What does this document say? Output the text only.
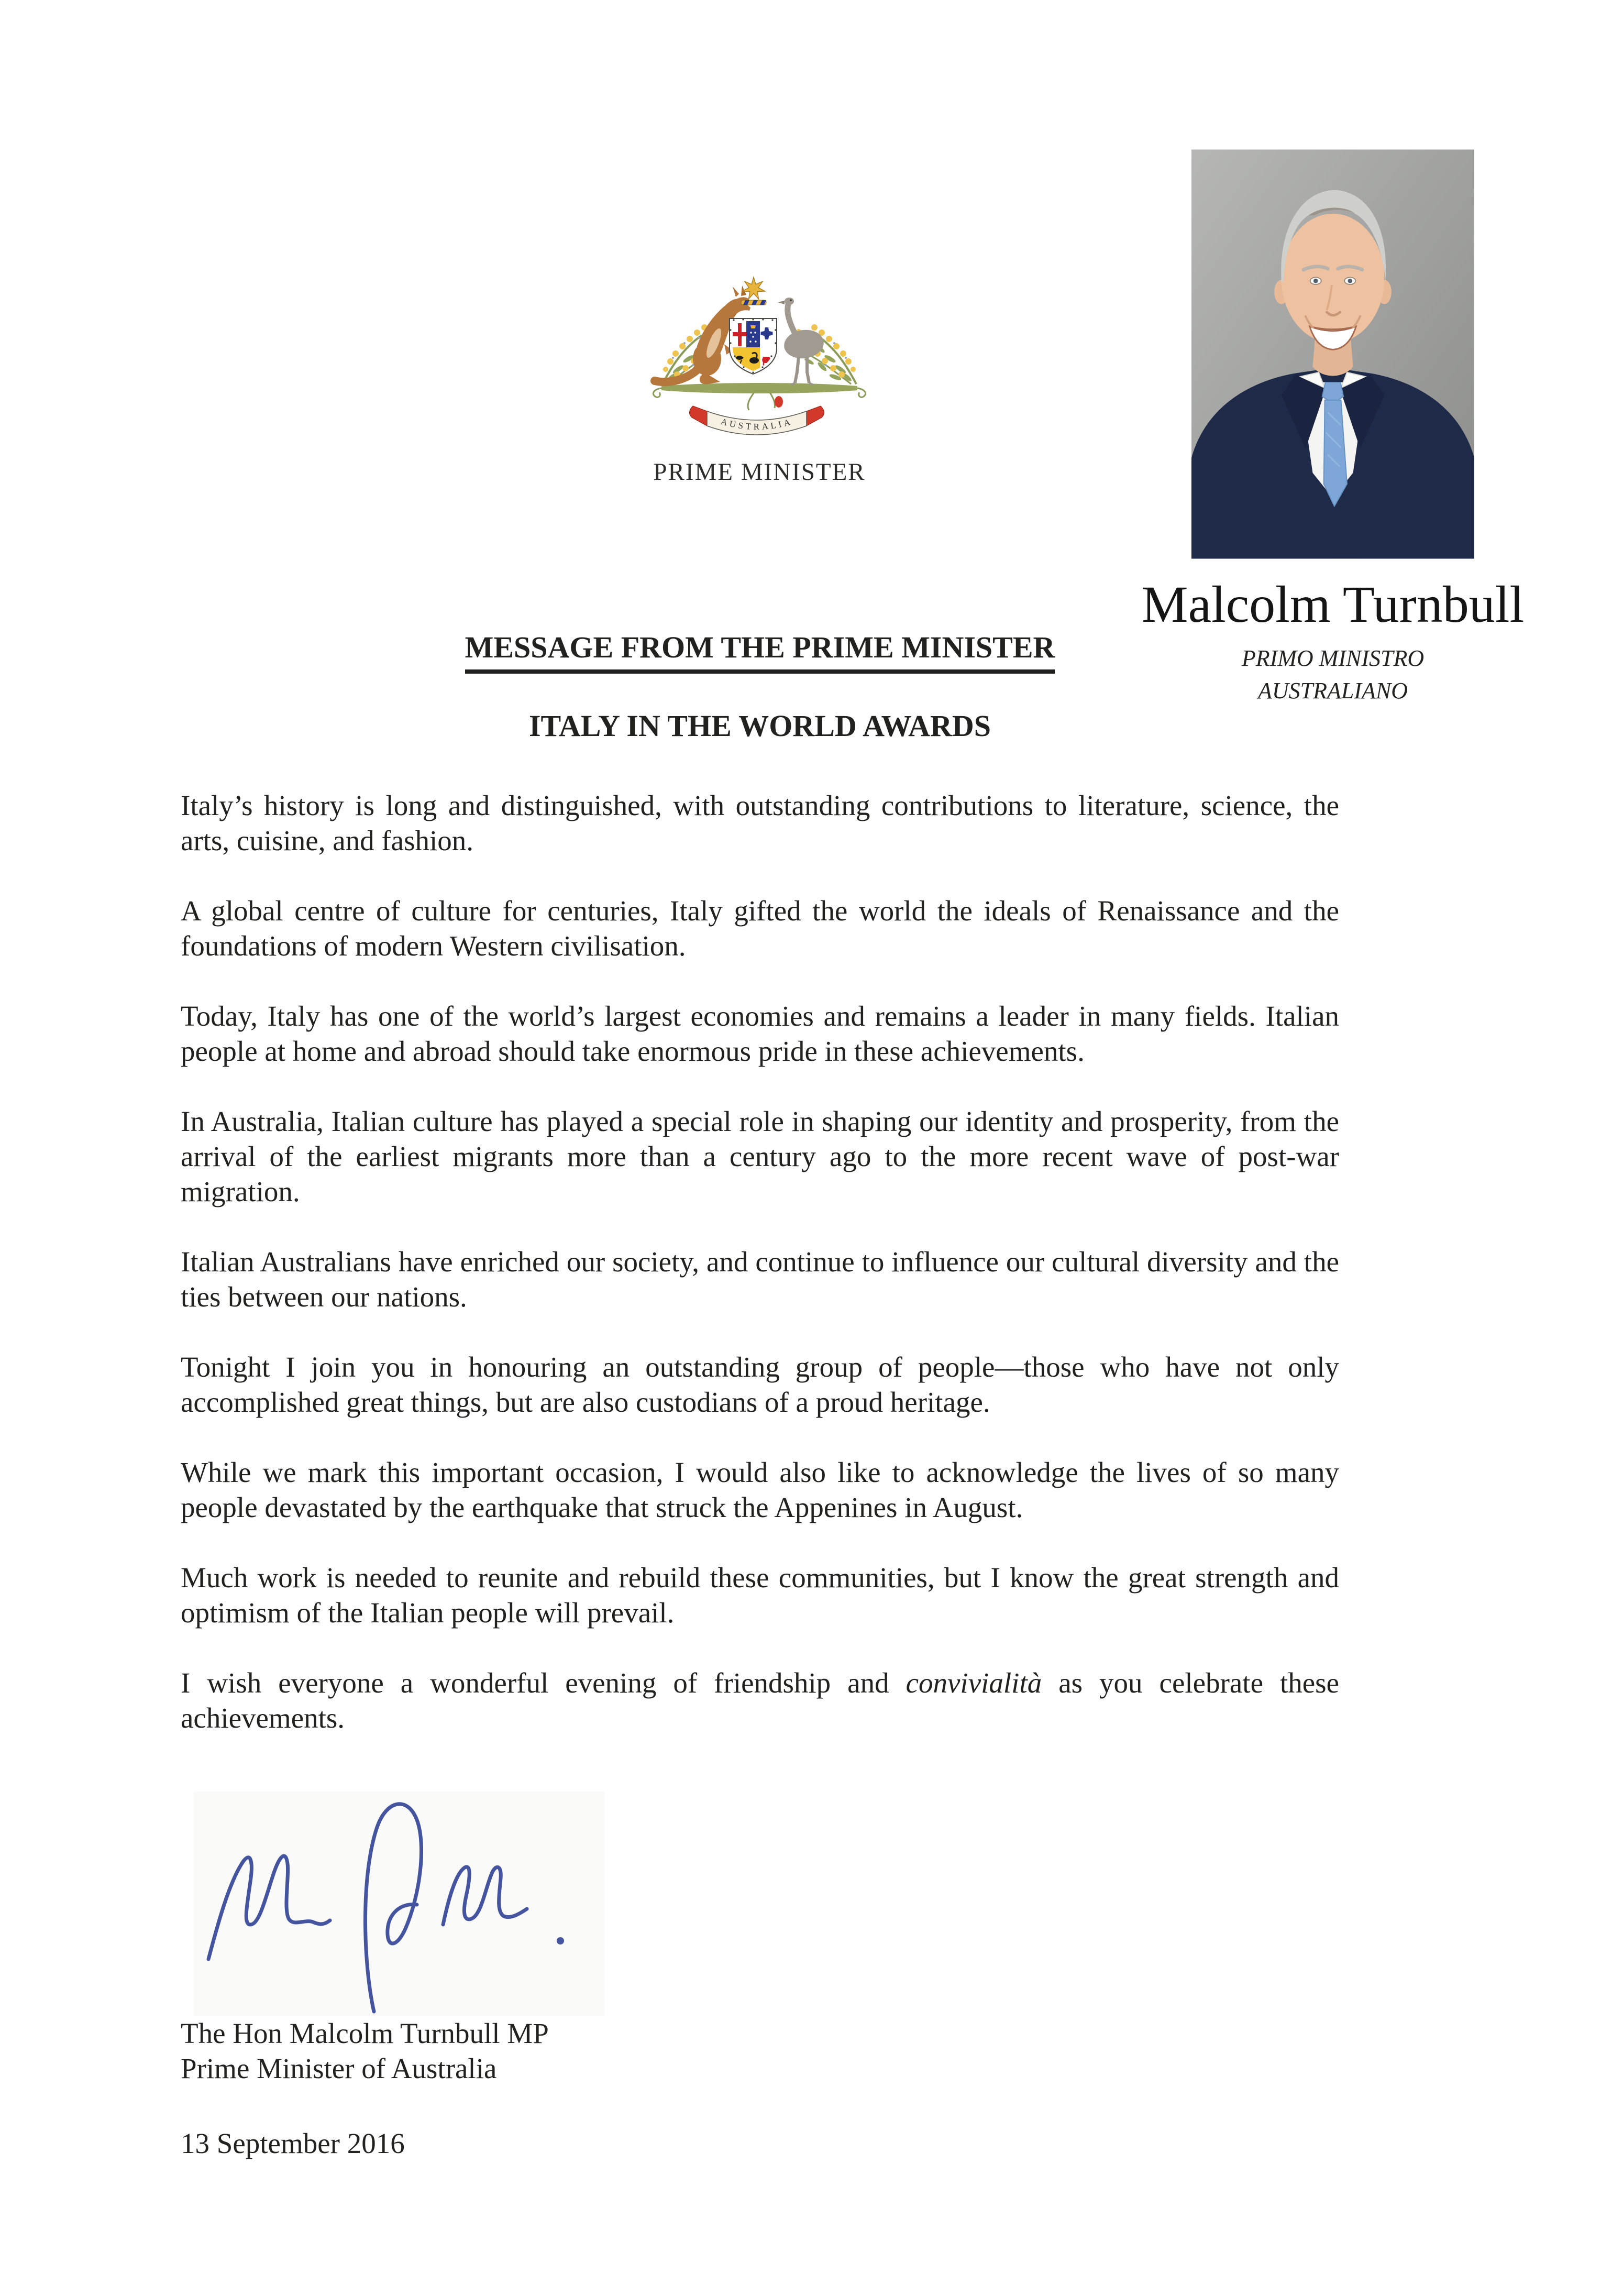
AUSTRALIA
PRIME MINISTER
Malcolm Turnbull
PRIMO MINISTRO
AUSTRALIANO
MESSAGE FROM THE PRIME MINISTER
ITALY IN THE WORLD AWARDS

Italy’s history is long and distinguished, with outstanding contributions to literature, science, the arts, cuisine, and fashion.

A global centre of culture for centuries, Italy gifted the world the ideals of Renaissance and the foundations of modern Western civilisation.

Today, Italy has one of the world’s largest economies and remains a leader in many fields. Italian people at home and abroad should take enormous pride in these achievements.

In Australia, Italian culture has played a special role in shaping our identity and prosperity, from the arrival of the earliest migrants more than a century ago to the more recent wave of post-war migration.

Italian Australians have enriched our society, and continue to influence our cultural diversity and the ties between our nations.

Tonight I join you in honouring an outstanding group of people—those who have not only accomplished great things, but are also custodians of a proud heritage.

While we mark this important occasion, I would also like to acknowledge the lives of so many people devastated by the earthquake that struck the Appenines in August.

Much work is needed to reunite and rebuild these communities, but I know the great strength and optimism of the Italian people will prevail.

I wish everyone a wonderful evening of friendship and convivialità as you celebrate these achievements.

The Hon Malcolm Turnbull MP
Prime Minister of Australia
13 September 2016
